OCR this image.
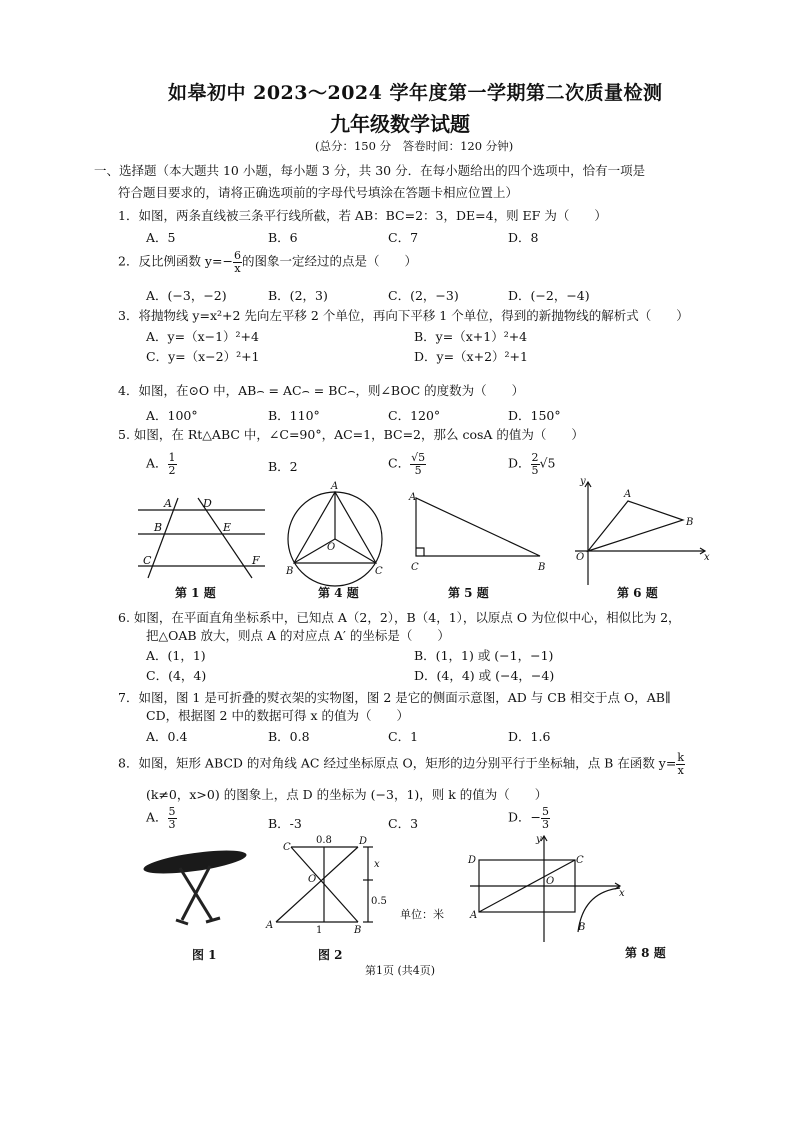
如皋初中 2023～2024 学年度第一学期第二次质量检测
九年级数学试题
(总分：150 分　答卷时间：120 分钟)
一、选择题（本大题共 10 小题，每小题 3 分，共 30 分．在每小题给出的四个选项中，恰有一项是
符合题目要求的，请将正确选项前的字母代号填涂在答题卡相应位置上）
1．如图，两条直线被三条平行线所截，若 AB：BC=2：3，DE=4，则 EF 为（　　）
A．5	B．6	C．7	D．8
2．反比例函数 $y=- \frac{6}{x}$ 的图象一定经过的点是（　　）
A．(−3，−2)	B．(2，3)	C．(2，−3)	D．(−2，−4)
3．将抛物线 y=x²+2 先向左平移 2 个单位，再向下平移 1 个单位，得到的新抛物线的解析式（　　）
A．y=（x−1）²+4	B．y=（x+1）²+4
C．y=（x−2）²+1	D．y=（x+2）²+1
4．如图，在⊙O 中，AB⌢ = AC⌢ = BC⌢，则∠BOC 的度数为（　　）
A．100°	B．110°	C．120°	D．150°
5. 如图，在 Rt△ABC 中，∠C=90°，AC=1，BC=2，那么 cosA 的值为（　　）
A． $\frac{1}{2}$	B．2	C． $\frac{√5}{5}$	D． $\frac{2}{5} √5$
A	D
B	E
C	F
A
O
B	C
A
C	B
y
A
B
O	x
第 1 题	第 4 题	第 5 题	第 6 题
6. 如图，在平面直角坐标系中，已知点 A（2，2），B（4，1），以原点 O 为位似中心，相似比为 2，
把△OAB 放大，则点 A 的对应点 A′ 的坐标是（　　）
A．(1，1)	B．(1，1) 或 (−1，−1)
C．(4，4)	D．(4，4) 或 (−4，−4)
7．如图，图 1 是可折叠的熨衣架的实物图，图 2 是它的侧面示意图，AD 与 CB 相交于点 O，AB∥
CD，根据图 2 中的数据可得 x 的值为（　　）
A．0.4	B．0.8	C．1	D．1.6
8．如图，矩形 ABCD 的对角线 AC 经过坐标原点 O，矩形的边分别平行于坐标轴，点 B 在函数 $y= \frac{k}{x}$
(k≠0，x>0) 的图象上，点 D 的坐标为 (−3，1)，则 k 的值为（　　）
A． $\frac{5}{3}$	B．-3	C．3	D．− $\frac{5}{3}$
C
D
O
A	B
0.8
x
0.5
1
y
D	C
O
x
A
B
单位：米
图 1	图 2	第 8 题
第1页 (共4页)
